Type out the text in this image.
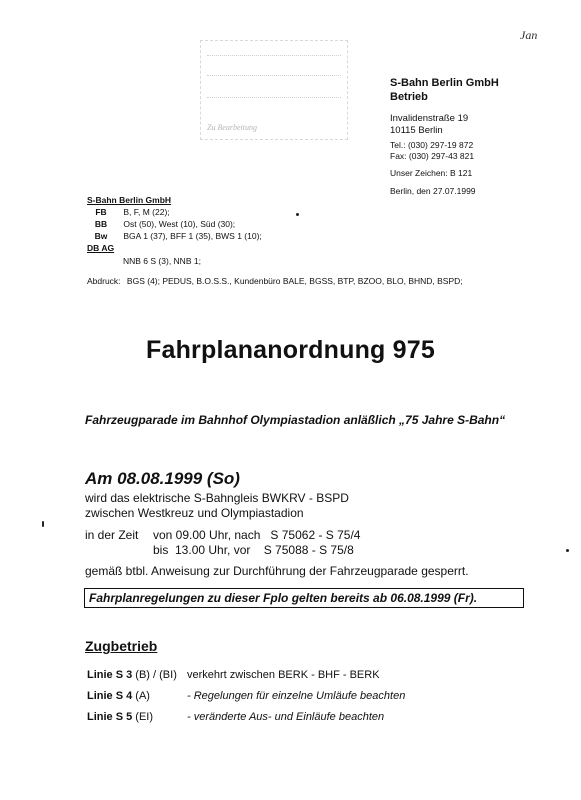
Jan
Zu Bearbeitung
S-Bahn Berlin GmbH
Betrieb
Invalidenstraße 19
10115 Berlin
Tel.: (030) 297-19 872
Fax: (030) 297-43 821
Unser Zeichen: B 121
Berlin, den 27.07.1999
S-Bahn Berlin GmbH
FB B, F, M (22);
BB Ost (50), West (10), Süd (30);
Bw BGA 1 (37), BFF 1 (35), BWS 1 (10);
DB AG
NNB 6 S (3), NNB 1;
Abdruck: BGS (4); PEDUS, B.O.S.S., Kundenbüro BALE, BGSS, BTP, BZOO, BLO, BHND, BSPD;
Fahrplananordnung 975
Fahrzeugparade im Bahnhof Olympiastadion anläßlich „75 Jahre S-Bahn“
Am 08.08.1999 (So)
wird das elektrische S-Bahngleis BWKRV - BSPD
zwischen Westkreuz und Olympiastadion
in der Zeit von 09.00 Uhr, nach   S 75062 - S 75/4
bis  13.00 Uhr, vor    S 75088 - S 75/8
gemäß btbl. Anweisung zur Durchführung der Fahrzeugparade gesperrt.
Fahrplanregelungen zu dieser Fplo gelten bereits ab 06.08.1999 (Fr).
Zugbetrieb
Linie S 3 (B) / (BI) verkehrt zwischen BERK - BHF - BERK
Linie S 4 (A)	- Regelungen für einzelne Umläufe beachten
Linie S 5 (EI)	- veränderte Aus- und Einläufe beachten
